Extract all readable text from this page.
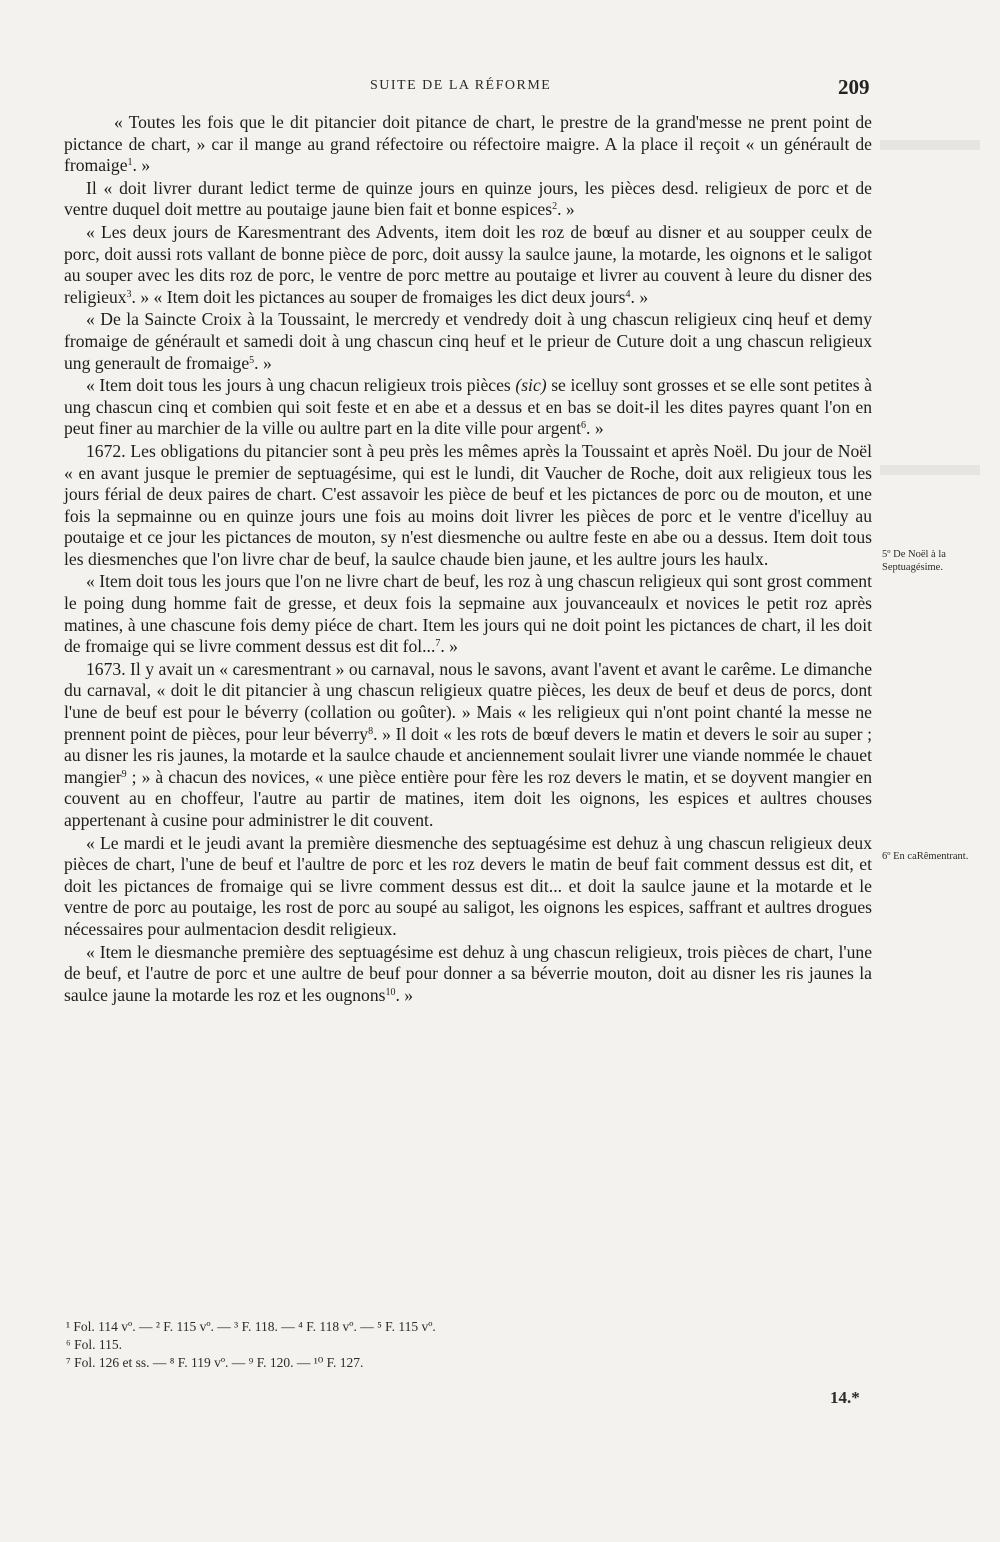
SUITE DE LA RÉFORME	209

« Toutes les fois que le dit pitancier doit pitance de chart, le prestre de la grand'messe ne prent point de pictance de chart, » car il mange au grand réfectoire ou réfectoire maigre. A la place il reçoit « un générault de fromaige$^1$. »

Il « doit livrer durant ledict terme de quinze jours en quinze jours, les pièces desd. religieux de porc et de ventre duquel doit mettre au poutaige jaune bien fait et bonne espices$^2$. »

« Les deux jours de Karesmentrant des Advents, item doit les roz de bœuf au disner et au soupper ceulx de porc, doit aussi rots vallant de bonne pièce de porc, doit aussy la saulce jaune, la motarde, les oignons et le saligot au souper avec les dits roz de porc, le ventre de porc mettre au poutaige et livrer au couvent à leure du disner des religieux$^3$. » « Item doit les pictances au souper de fromaiges les dict deux jours$^4$. »

« De la Saincte Croix à la Toussaint, le mercredy et vendredy doit à ung chascun religieux cinq heuf et demy fromaige de générault et samedi doit à ung chascun cinq heuf et le prieur de Cuture doit a ung chascun religieux ung generault de fromaige$^5$. »

« Item doit tous les jours à ung chacun religieux trois pièces (sic) se icelluy sont grosses et se elle sont petites à ung chascun cinq et combien qui soit feste et en abe et a dessus et en bas se doit-il les dites payres quant l'on en peut finer au marchier de la ville ou aultre part en la dite ville pour argent$^6$. »

1672. Les obligations du pitancier sont à peu près les mêmes après la Toussaint et après Noël. Du jour de Noël « en avant jusque le premier de septuagésime, qui est le lundi, dit Vaucher de Roche, doit aux religieux tous les jours férial de deux paires de chart. C'est assavoir les pièce de beuf et les pictances de porc ou de mouton, et une fois la sepmainne ou en quinze jours une fois au moins doit livrer les pièces de porc et le ventre d'icelluy au poutaige et ce jour les pictances de mouton, sy n'est diesmenche ou aultre feste en abe ou a dessus. Item doit tous les diesmenches que l'on livre char de beuf, la saulce chaude bien jaune, et les aultre jours les haulx.

« Item doit tous les jours que l'on ne livre chart de beuf, les roz à ung chascun religieux qui sont grost comment le poing dung homme fait de gresse, et deux fois la sepmaine aux jouvanceaulx et novices le petit roz après matines, à une chascune fois demy piéce de chart. Item les jours qui ne doit point les pictances de chart, il les doit de fromaige qui se livre comment dessus est dit fol...$^7$. »

1673. Il y avait un « caresmentrant » ou carnaval, nous le savons, avant l'avent et avant le carême. Le dimanche du carnaval, « doit le dit pitancier à ung chascun religieux quatre pièces, les deux de beuf et deus de porcs, dont l'une de beuf est pour le béverry (collation ou goûter). » Mais « les religieux qui n'ont point chanté la messe ne prennent point de pièces, pour leur béverry$^8$. » Il doit « les rots de bœuf devers le matin et devers le soir au super ; au disner les ris jaunes, la motarde et la saulce chaude et anciennement soulait livrer une viande nommée le chauet mangier$^9$ ; » à chacun des novices, « une pièce entière pour fère les roz devers le matin, et se doyvent mangier en couvent au en choffeur, l'autre au partir de matines, item doit les oignons, les espices et aultres chouses appertenant à cusine pour administrer le dit couvent.

« Le mardi et le jeudi avant la première diesmenche des septuagésime est dehuz à ung chascun religieux deux pièces de chart, l'une de beuf et l'aultre de porc et les roz devers le matin de beuf fait comment dessus est dit, et doit les pictances de fromaige qui se livre comment dessus est dit... et doit la saulce jaune et la motarde et le ventre de porc au poutaige, les rost de porc au soupé au saligot, les oignons les espices, saffrant et aultres drogues nécessaires pour aulmentacion desdit religieux.

« Item le diesmanche première des septuagésime est dehuz à ung chascun religieux, trois pièces de chart, l'une de beuf, et l'autre de porc et une aultre de beuf pour donner a sa béverrie mouton, doit au disner les ris jaunes la saulce jaune la motarde les roz et les ougnons$^{10}$. »

5º De Noël à la Septuagésime.
6º En caRêmentrant.

¹ Fol. 114 vº. — ² F. 115 vº. — ³ F. 118. — ⁴ F. 118 vº. — ⁵ F. 115 vº.

⁶ Fol. 115.

⁷ Fol. 126 et ss. — ⁸ F. 119 vº. — ⁹ F. 120. — ¹⁰ F. 127.

14.*
